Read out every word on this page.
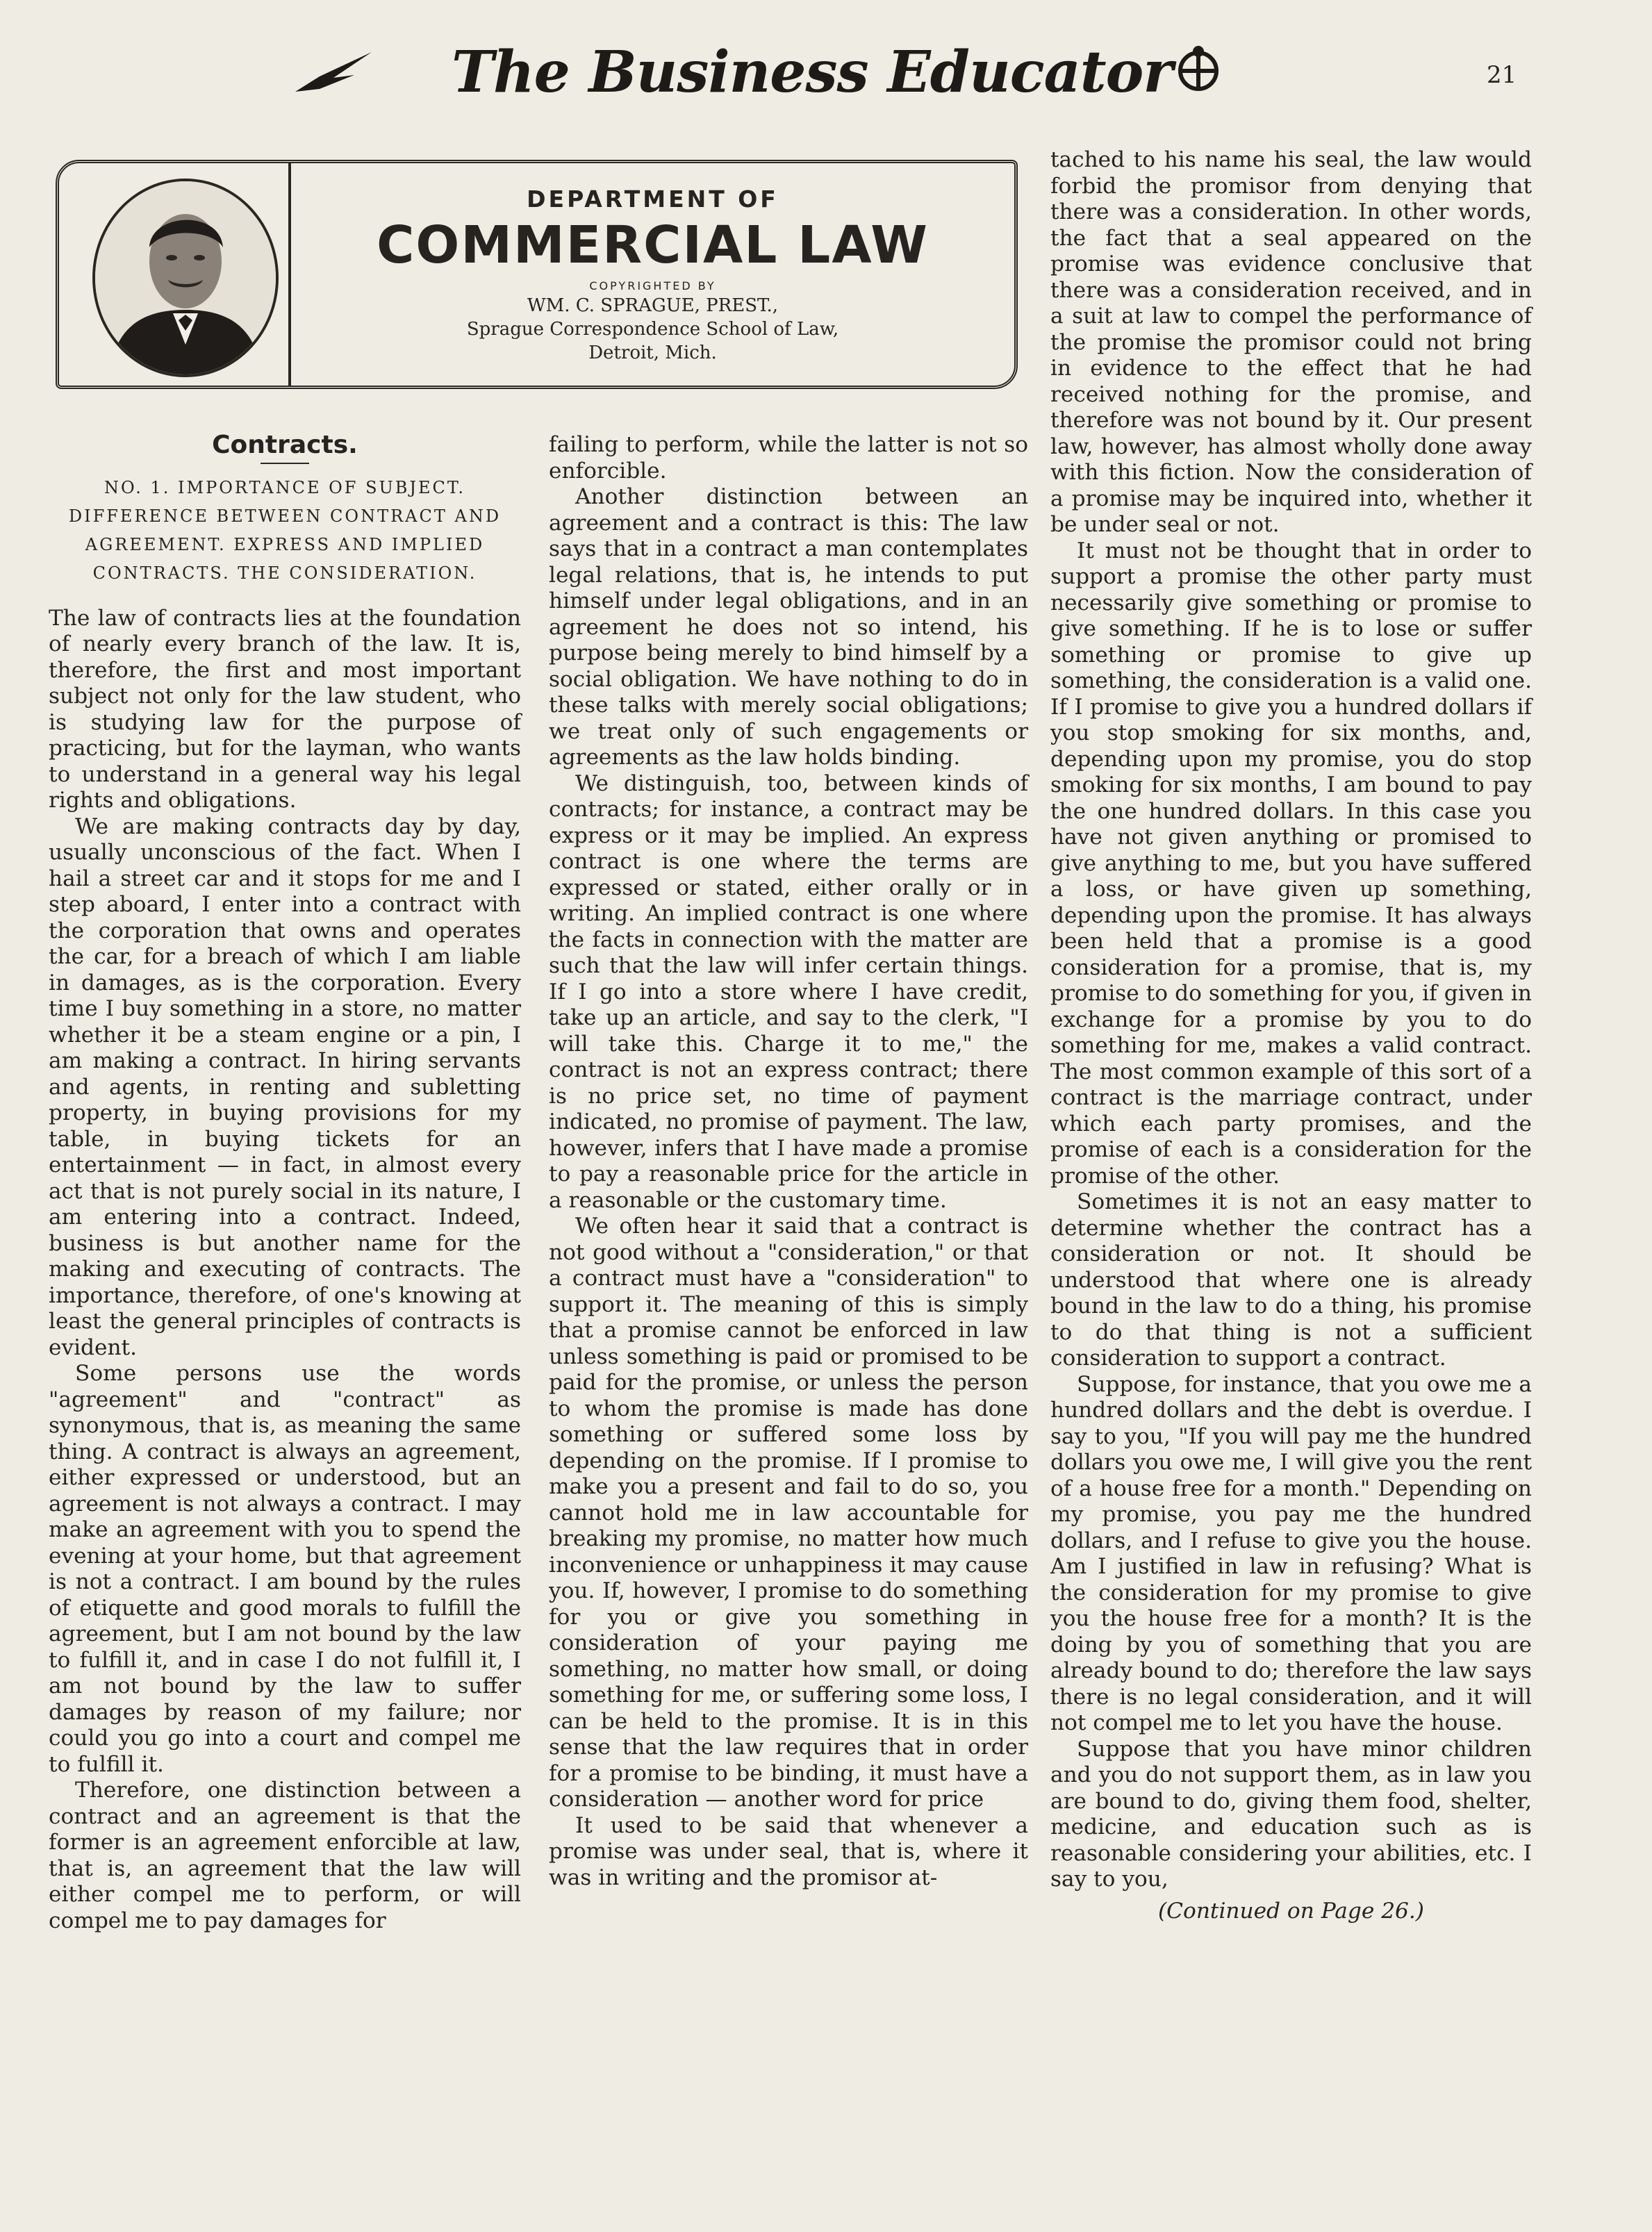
The Business Educator	21
DEPARTMENT OF
COMMERCIAL LAW
COPYRIGHTED BY
WM. C. SPRAGUE, PREST.,
Sprague Correspondence School of Law,
Detroit, Mich.
Contracts.
NO. 1. IMPORTANCE OF SUBJECT. DIFFERENCE BETWEEN CONTRACT AND AGREEMENT. EXPRESS AND IMPLIED CONTRACTS. THE CONSIDERATION.

The law of contracts lies at the foundation of nearly every branch of the law. It is, therefore, the first and most important subject not only for the law student, who is studying law for the purpose of practicing, but for the layman, who wants to understand in a general way his legal rights and obligations.

We are making contracts day by day, usually unconscious of the fact. When I hail a street car and it stops for me and I step aboard, I enter into a contract with the corporation that owns and operates the car, for a breach of which I am liable in damages, as is the corporation. Every time I buy something in a store, no matter whether it be a steam engine or a pin, I am making a contract. In hiring servants and agents, in renting and subletting property, in buying provisions for my table, in buying tickets for an entertainment — in fact, in almost every act that is not purely social in its nature, I am entering into a contract. Indeed, business is but another name for the making and executing of contracts. The importance, therefore, of one's knowing at least the general principles of contracts is evident.

Some persons use the words "agreement" and "contract" as synonymous, that is, as meaning the same thing. A contract is always an agreement, either expressed or understood, but an agreement is not always a contract. I may make an agreement with you to spend the evening at your home, but that agreement is not a contract. I am bound by the rules of etiquette and good morals to fulfill the agreement, but I am not bound by the law to fulfill it, and in case I do not fulfill it, I am not bound by the law to suffer damages by reason of my failure; nor could you go into a court and compel me to fulfill it.

Therefore, one distinction between a contract and an agreement is that the former is an agreement enforcible at law, that is, an agreement that the law will either compel me to perform, or will compel me to pay damages for

failing to perform, while the latter is not so enforcible.

Another distinction between an agreement and a contract is this: The law says that in a contract a man contemplates legal relations, that is, he intends to put himself under legal obligations, and in an agreement he does not so intend, his purpose being merely to bind himself by a social obligation. We have nothing to do in these talks with merely social obligations; we treat only of such engagements or agreements as the law holds binding.

We distinguish, too, between kinds of contracts; for instance, a contract may be express or it may be implied. An express contract is one where the terms are expressed or stated, either orally or in writing. An implied contract is one where the facts in connection with the matter are such that the law will infer certain things. If I go into a store where I have credit, take up an article, and say to the clerk, "I will take this. Charge it to me," the contract is not an express contract; there is no price set, no time of payment indicated, no promise of payment. The law, however, infers that I have made a promise to pay a reasonable price for the article in a reasonable or the customary time.

We often hear it said that a contract is not good without a "consideration," or that a contract must have a "consideration" to support it. The meaning of this is simply that a promise cannot be enforced in law unless something is paid or promised to be paid for the promise, or unless the person to whom the promise is made has done something or suffered some loss by depending on the promise. If I promise to make you a present and fail to do so, you cannot hold me in law accountable for breaking my promise, no matter how much inconvenience or unhappiness it may cause you. If, however, I promise to do something for you or give you something in consideration of your paying me something, no matter how small, or doing something for me, or suffering some loss, I can be held to the promise. It is in this sense that the law requires that in order for a promise to be binding, it must have a consideration — another word for price

It used to be said that whenever a promise was under seal, that is, where it was in writing and the promisor at-

tached to his name his seal, the law would forbid the promisor from denying that there was a consideration. In other words, the fact that a seal appeared on the promise was evidence conclusive that there was a consideration received, and in a suit at law to compel the performance of the promise the promisor could not bring in evidence to the effect that he had received nothing for the promise, and therefore was not bound by it. Our present law, however, has almost wholly done away with this fiction. Now the consideration of a promise may be inquired into, whether it be under seal or not.

It must not be thought that in order to support a promise the other party must necessarily give something or promise to give something. If he is to lose or suffer something or promise to give up something, the consideration is a valid one. If I promise to give you a hundred dollars if you stop smoking for six months, and, depending upon my promise, you do stop smoking for six months, I am bound to pay the one hundred dollars. In this case you have not given anything or promised to give anything to me, but you have suffered a loss, or have given up something, depending upon the promise. It has always been held that a promise is a good consideration for a promise, that is, my promise to do something for you, if given in exchange for a promise by you to do something for me, makes a valid contract. The most common example of this sort of a contract is the marriage contract, under which each party promises, and the promise of each is a consideration for the promise of the other.

Sometimes it is not an easy matter to determine whether the contract has a consideration or not. It should be understood that where one is already bound in the law to do a thing, his promise to do that thing is not a sufficient consideration to support a contract.

Suppose, for instance, that you owe me a hundred dollars and the debt is overdue. I say to you, "If you will pay me the hundred dollars you owe me, I will give you the rent of a house free for a month." Depending on my promise, you pay me the hundred dollars, and I refuse to give you the house. Am I justified in law in refusing? What is the consideration for my promise to give you the house free for a month? It is the doing by you of something that you are already bound to do; therefore the law says there is no legal consideration, and it will not compel me to let you have the house.

Suppose that you have minor children and you do not support them, as in law you are bound to do, giving them food, shelter, medicine, and education such as is reasonable considering your abilities, etc. I say to you,

(Continued on Page 26.)
